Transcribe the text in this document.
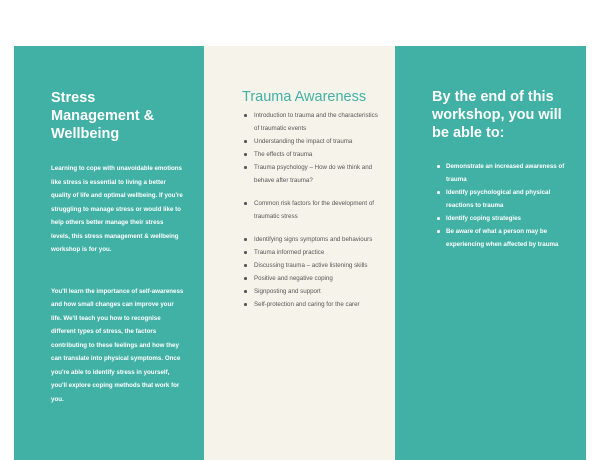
Stress Management & Wellbeing

Learning to cope with unavoidable emotions like stress is essential to living a better quality of life and optimal wellbeing. If you're struggling to manage stress or would like to help others better manage their stress levels, this stress management & wellbeing workshop is for you.

You'll learn the importance of self-awareness and how small changes can improve your life. We'll teach you how to recognise different types of stress, the factors contributing to these feelings and how they can translate into physical symptoms. Once you're able to identify stress in yourself, you'll explore coping methods that work for you.

Trauma Awareness
Introduction to trauma and the characteristics of traumatic events
Understanding the impact of trauma
The effects of trauma
Trauma psychology – How do we think and behave after trauma?
Common risk factors for the development of traumatic stress
Identifying signs symptoms and behaviours
Trauma informed practice
Discussing trauma – active listening skills
Positive and negative coping
Signposting and support
Self-protection and caring for the carer
By the end of this workshop, you will be able to:
Demonstrate an increased awareness of trauma
Identify psychological and physical reactions to trauma
Identify coping strategies
Be aware of what a person may be experiencing when affected by trauma
